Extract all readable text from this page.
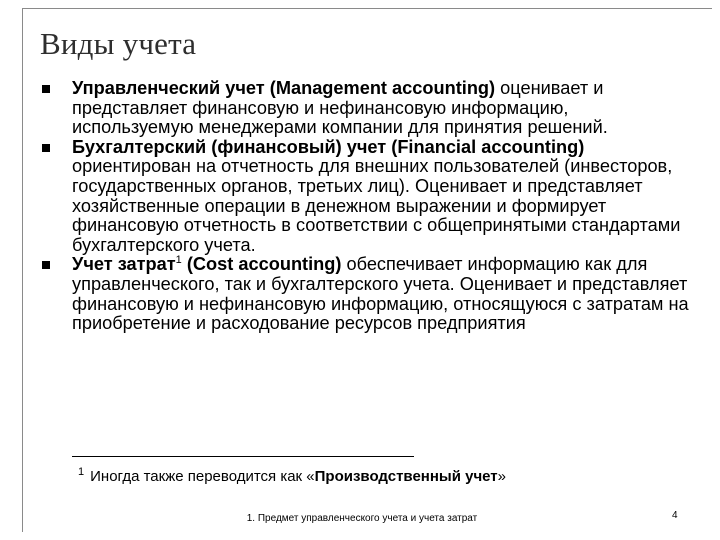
Виды учета
Управленческий учет (Management accounting) оценивает и представляет финансовую и нефинансовую информацию, используемую менеджерами компании для принятия решений.
Бухгалтерский (финансовый) учет (Financial accounting) ориентирован на отчетность для внешних пользователей (инвесторов, государственных органов, третьих лиц). Оценивает и представляет хозяйственные операции в денежном выражении и формирует финансовую отчетность в соответствии с общепринятыми стандартами бухгалтерского учета.
Учет затрат$^1$ (Cost accounting) обеспечивает информацию как для управленческого, так и бухгалтерского учета. Оценивает и представляет финансовую и нефинансовую информацию, относящуюся с затратам на приобретение и расходование ресурсов предприятия
$^1$ Иногда также переводится как «Производственный учет»
1. Предмет управленческого учета и учета затрат	4
